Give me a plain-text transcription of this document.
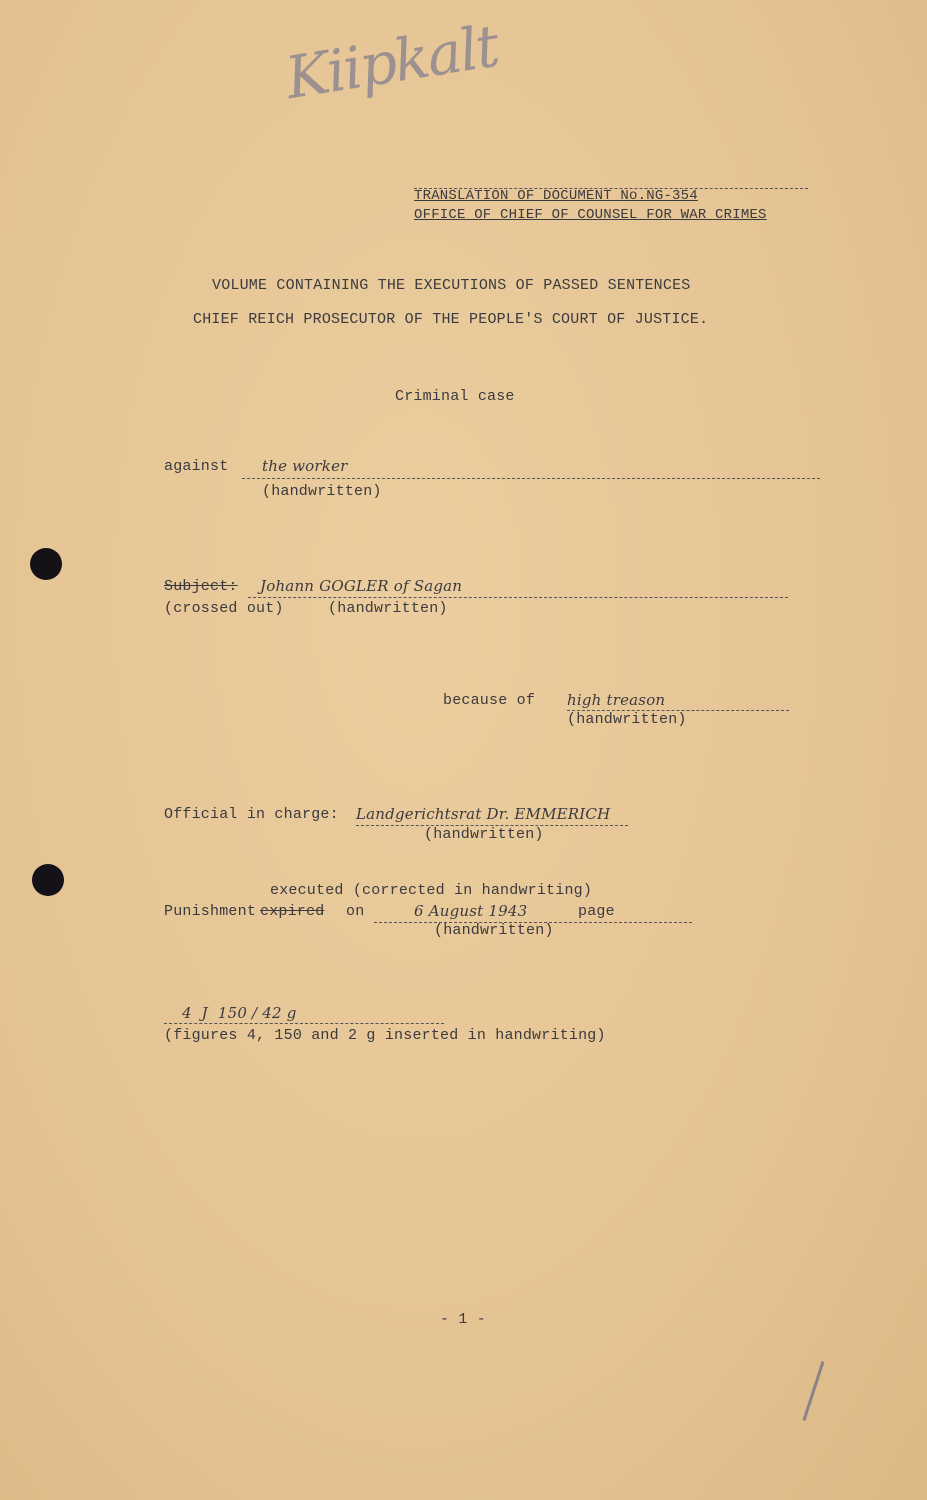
Kiipkalt
TRANSLATION OF DOCUMENT No.NG-354
OFFICE OF CHIEF OF COUNSEL FOR WAR CRIMES
VOLUME CONTAINING THE EXECUTIONS OF PASSED SENTENCES
CHIEF REICH PROSECUTOR OF THE PEOPLE'S COURT OF JUSTICE.
Criminal case
against the worker
(handwritten)
Subject: Johann GOGLER of Sagan
(crossed out)	(handwritten)
because of high treason
(handwritten)
Official in charge: Landgerichtsrat Dr. EMMERICH
(handwritten)
executed (corrected in handwriting)
Punishment expired on	6 August 1943	page
(handwritten)
4  J  150 / 42 g
(figures 4, 150 and 2 g inserted in handwriting)
- 1 -
